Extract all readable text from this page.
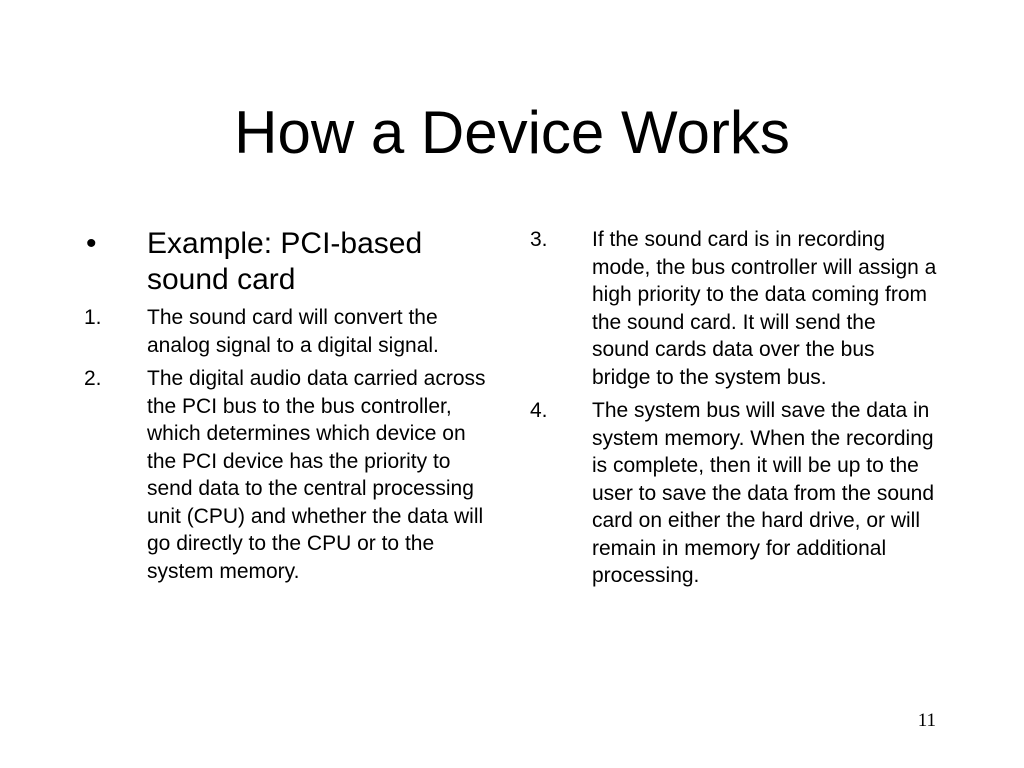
How a Device Works
•	Example: PCI-based sound card
1.	The sound card will convert the analog signal to a digital signal.
2.	The digital audio data carried across the PCI bus to the bus controller, which determines which device on the PCI device has the priority to send data to the central processing unit (CPU) and whether the data will go directly to the CPU or to the system memory.
3.	If the sound card is in recording mode, the bus controller will assign a high priority to the data coming from the sound card. It will send the sound cards data over the bus bridge to the system bus.
4.	The system bus will save the data in system memory. When the recording is complete, then it will be up to the user to save the data from the sound card on either the hard drive, or will remain in memory for additional processing.
11
